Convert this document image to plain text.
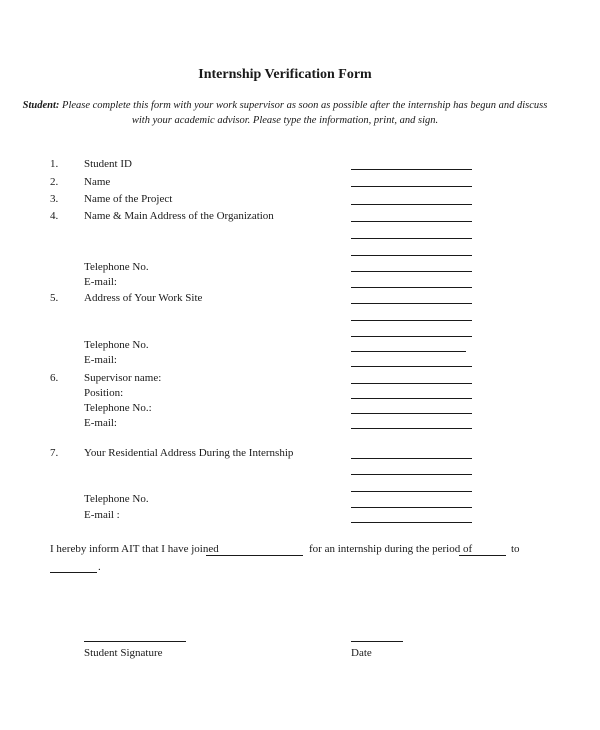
Internship Verification Form
Student: Please complete this form with your work supervisor as soon as possible after the internship has begun and discuss
with your academic advisor. Please type the information, print, and sign.
1. Student ID
2. Name
3. Name of the Project
4. Name & Main Address of the Organization
Telephone No.
E-mail:
5. Address of Your Work Site
Telephone No.
E-mail:
6. Supervisor name:
Position:
Telephone No.:
E-mail:
7. Your Residential Address During the Internship
Telephone No.
E-mail :
I hereby inform AIT that I have joined	for an internship during the period of	to
.
Student Signature	Date
